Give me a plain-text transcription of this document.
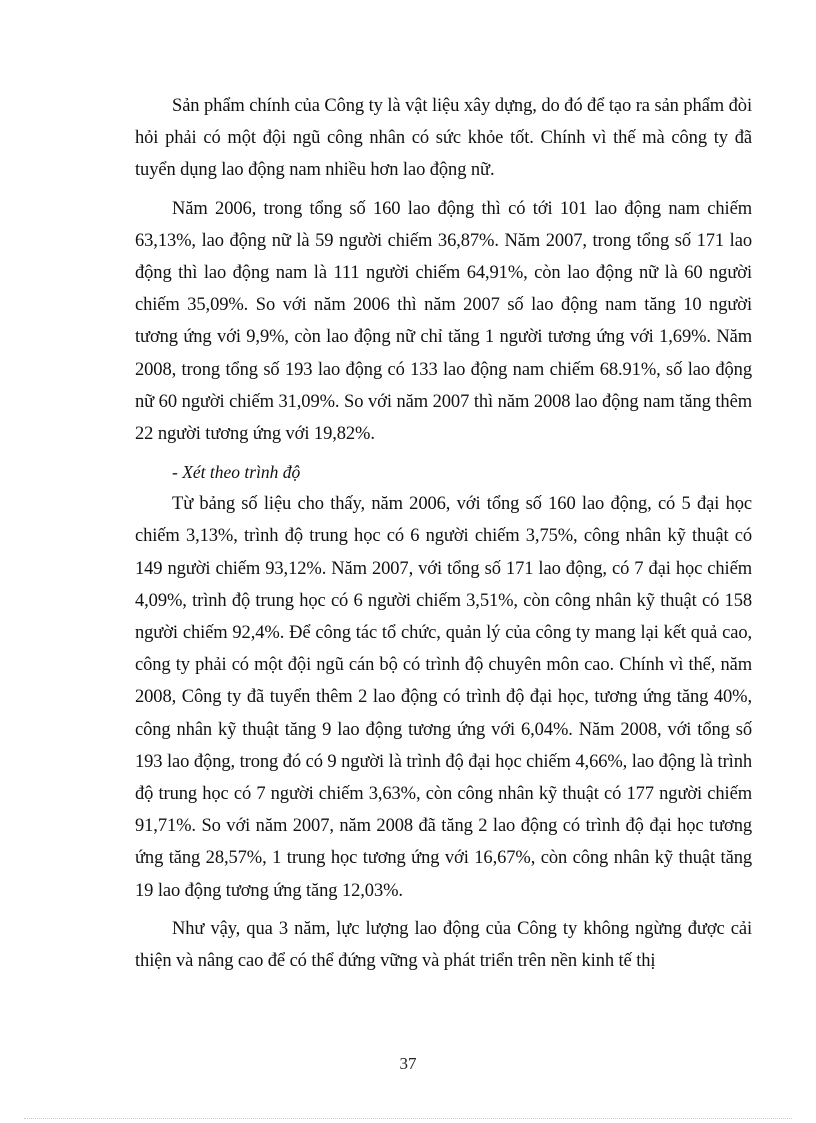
Sản phẩm chính của Công ty là vật liệu xây dựng, do đó để tạo ra sản phẩm đòi hỏi phải có một đội ngũ công nhân có sức khỏe tốt. Chính vì thế mà công ty đã tuyển dụng lao động nam nhiều hơn lao động nữ.

Năm 2006, trong tổng số 160 lao động thì có tới 101 lao động nam chiếm 63,13%, lao động nữ là 59 người chiếm 36,87%. Năm 2007, trong tổng số 171 lao động thì lao động nam là 111 người chiếm 64,91%, còn lao động nữ là 60 người chiếm 35,09%. So với năm 2006 thì năm 2007 số lao động nam tăng 10 người tương ứng với 9,9%, còn lao động nữ chỉ tăng 1 người tương ứng với 1,69%. Năm 2008, trong tổng số 193 lao động có 133 lao động nam chiếm 68.91%, số lao động nữ 60 người chiếm 31,09%. So với năm 2007 thì năm 2008 lao động nam tăng thêm 22 người tương ứng với 19,82%.

- Xét theo trình độ

Từ bảng số liệu cho thấy, năm 2006, với tổng số 160 lao động, có 5 đại học chiếm 3,13%, trình độ trung học có 6 người chiếm 3,75%, công nhân kỹ thuật có 149 người chiếm 93,12%. Năm 2007, với tổng số 171 lao động, có 7 đại học chiếm 4,09%, trình độ trung học có 6 người chiếm 3,51%, còn công nhân kỹ thuật có 158 người chiếm 92,4%. Để công tác tổ chức, quản lý của công ty mang lại kết quả cao, công ty phải có một đội ngũ cán bộ có trình độ chuyên môn cao. Chính vì thế, năm 2008, Công ty đã tuyển thêm 2 lao động có trình độ đại học, tương ứng tăng 40%, công nhân kỹ thuật tăng 9 lao động tương ứng với 6,04%. Năm 2008, với tổng số 193 lao động, trong đó có 9 người là trình độ đại học chiếm 4,66%, lao động là trình độ trung học có 7 người chiếm 3,63%, còn công nhân kỹ thuật có 177 người chiếm 91,71%. So với năm 2007, năm 2008 đã tăng 2 lao động có trình độ đại học tương ứng tăng 28,57%, 1 trung học tương ứng với 16,67%, còn công nhân kỹ thuật tăng 19 lao động tương ứng tăng 12,03%.

Như vậy, qua 3 năm, lực lượng lao động của Công ty không ngừng được cải thiện và nâng cao để có thể đứng vững và phát triển trên nền kinh tế thị

37
